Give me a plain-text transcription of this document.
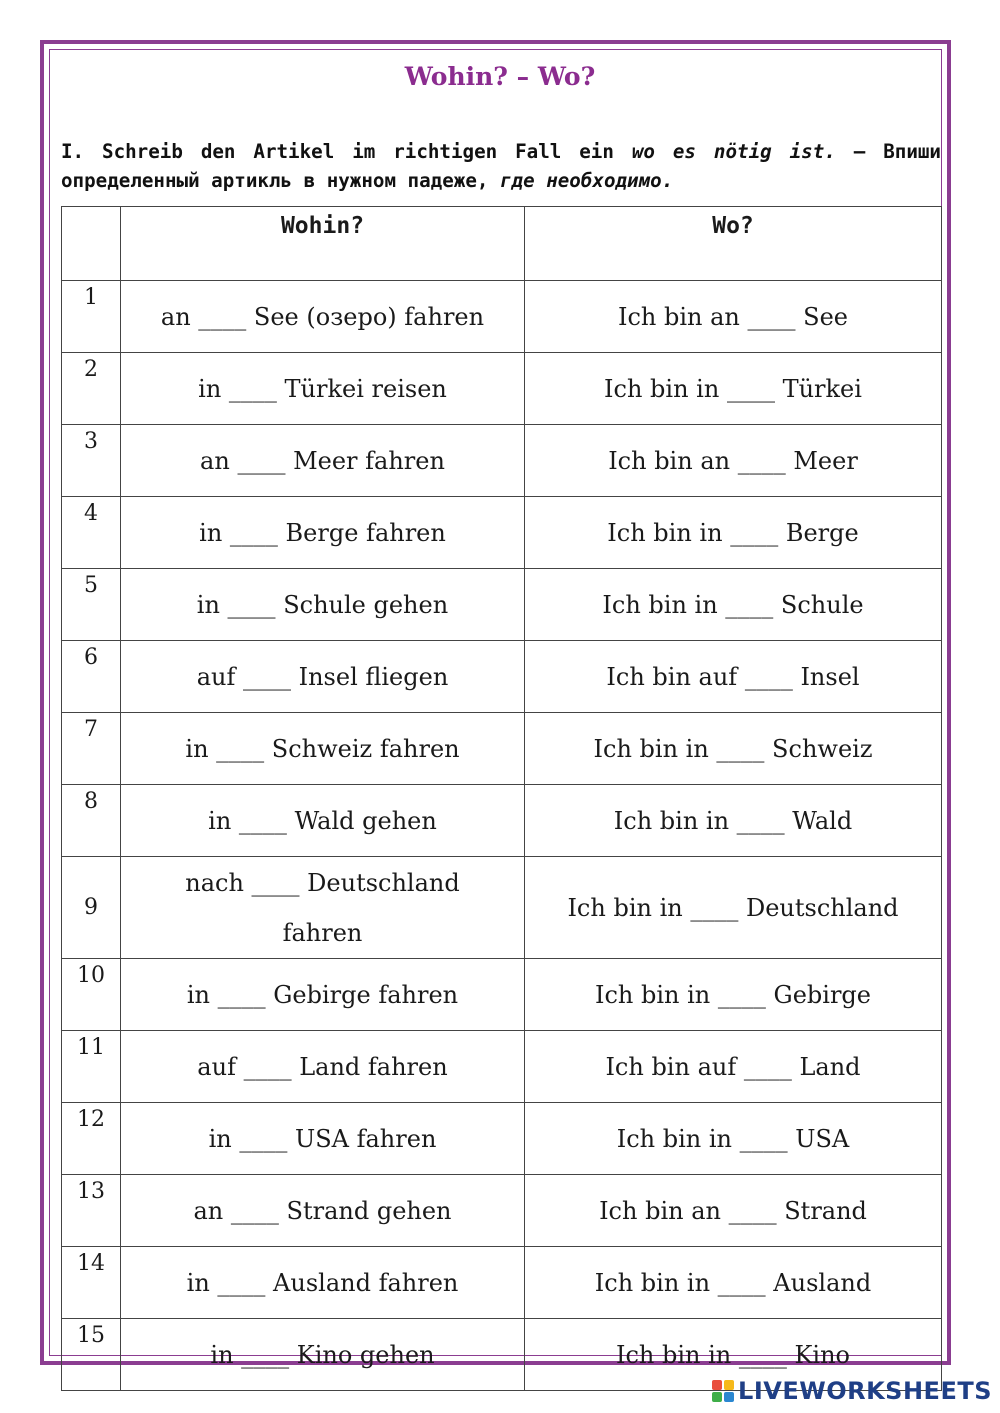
Wohin? – Wo?
I. Schreib den Artikel im richtigen Fall ein wo es nötig ist. – Впиши определенный артикль в нужном падеже, где необходимо.
	Wohin?	Wo?
1	an ____ See (озеро) fahren	Ich bin an ____ See
2	in ____ Türkei reisen	Ich bin in ____ Türkei
3	an ____ Meer fahren	Ich bin an ____ Meer
4	in ____ Berge fahren	Ich bin in ____ Berge
5	in ____ Schule gehen	Ich bin in ____ Schule
6	auf ____ Insel fliegen	Ich bin auf ____ Insel
7	in ____ Schweiz fahren	Ich bin in ____ Schweiz
8	in ____ Wald gehen	Ich bin in ____ Wald
9	nach ____ Deutschland fahren	Ich bin in ____ Deutschland
10	in ____ Gebirge fahren	Ich bin in ____ Gebirge
11	auf ____ Land fahren	Ich bin auf ____ Land
12	in ____ USA fahren	Ich bin in ____ USA
13	an ____ Strand gehen	Ich bin an ____ Strand
14	in ____ Ausland fahren	Ich bin in ____ Ausland
15	in ____ Kino gehen	Ich bin in ____ Kino
LIVEWORKSHEETS
